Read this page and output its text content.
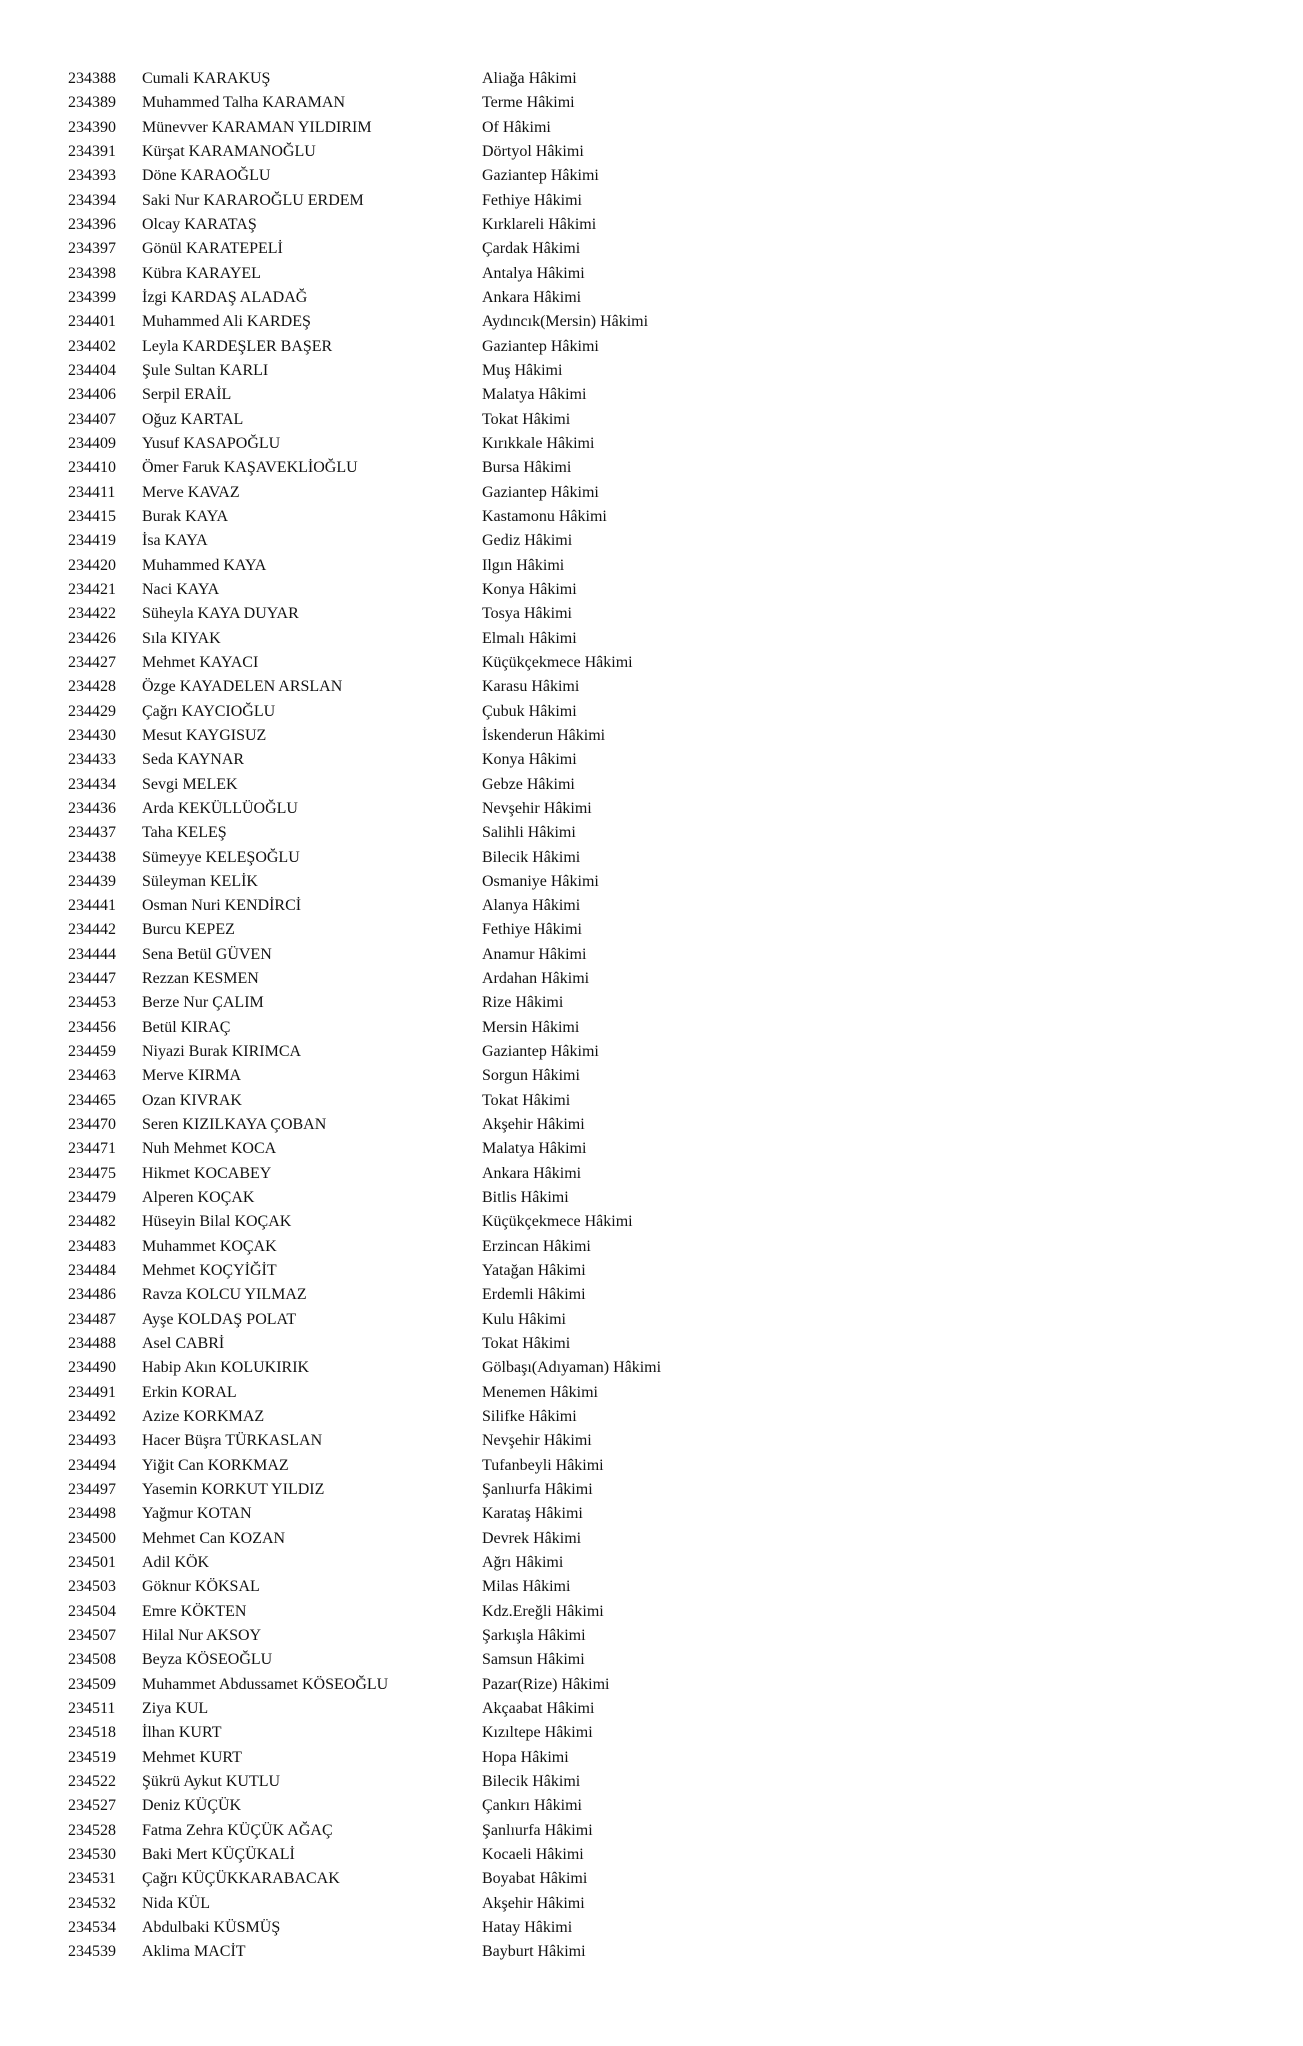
234388 Cumali KARAKUŞ	Aliağa Hâkimi
234389 Muhammed Talha KARAMAN	Terme Hâkimi
234390 Münevver KARAMAN YILDIRIM	Of Hâkimi
234391 Kürşat KARAMANOĞLU	Dörtyol Hâkimi
234393 Döne KARAOĞLU	Gaziantep Hâkimi
234394 Saki Nur KARAROĞLU ERDEM	Fethiye Hâkimi
234396 Olcay KARATAŞ	Kırklareli Hâkimi
234397 Gönül KARATEPELİ	Çardak Hâkimi
234398 Kübra KARAYEL	Antalya Hâkimi
234399 İzgi KARDAŞ ALADAĞ	Ankara Hâkimi
234401 Muhammed Ali KARDEŞ	Aydıncık(Mersin) Hâkimi
234402 Leyla KARDEŞLER BAŞER	Gaziantep Hâkimi
234404 Şule Sultan KARLI	Muş Hâkimi
234406 Serpil ERAİL	Malatya Hâkimi
234407 Oğuz KARTAL	Tokat Hâkimi
234409 Yusuf KASAPOĞLU	Kırıkkale Hâkimi
234410 Ömer Faruk KAŞAVEKLİOĞLU	Bursa Hâkimi
234411 Merve KAVAZ	Gaziantep Hâkimi
234415 Burak KAYA	Kastamonu Hâkimi
234419 İsa KAYA	Gediz Hâkimi
234420 Muhammed KAYA	Ilgın Hâkimi
234421 Naci KAYA	Konya Hâkimi
234422 Süheyla KAYA DUYAR	Tosya Hâkimi
234426 Sıla KIYAK	Elmalı Hâkimi
234427 Mehmet KAYACI	Küçükçekmece Hâkimi
234428 Özge KAYADELEN ARSLAN	Karasu Hâkimi
234429 Çağrı KAYCIOĞLU	Çubuk Hâkimi
234430 Mesut KAYGISUZ	İskenderun Hâkimi
234433 Seda KAYNAR	Konya Hâkimi
234434 Sevgi MELEK	Gebze Hâkimi
234436 Arda KEKÜLLÜOĞLU	Nevşehir Hâkimi
234437 Taha KELEŞ	Salihli Hâkimi
234438 Sümeyye KELEŞOĞLU	Bilecik Hâkimi
234439 Süleyman KELİK	Osmaniye Hâkimi
234441 Osman Nuri KENDİRCİ	Alanya Hâkimi
234442 Burcu KEPEZ	Fethiye Hâkimi
234444 Sena Betül GÜVEN	Anamur Hâkimi
234447 Rezzan KESMEN	Ardahan Hâkimi
234453 Berze Nur ÇALIM	Rize Hâkimi
234456 Betül KIRAÇ	Mersin Hâkimi
234459 Niyazi Burak KIRIMCA	Gaziantep Hâkimi
234463 Merve KIRMA	Sorgun Hâkimi
234465 Ozan KIVRAK	Tokat Hâkimi
234470 Seren KIZILKAYA ÇOBAN	Akşehir Hâkimi
234471 Nuh Mehmet KOCA	Malatya Hâkimi
234475 Hikmet KOCABEY	Ankara Hâkimi
234479 Alperen KOÇAK	Bitlis Hâkimi
234482 Hüseyin Bilal KOÇAK	Küçükçekmece Hâkimi
234483 Muhammet KOÇAK	Erzincan Hâkimi
234484 Mehmet KOÇYİĞİT	Yatağan Hâkimi
234486 Ravza KOLCU YILMAZ	Erdemli Hâkimi
234487 Ayşe KOLDAŞ POLAT	Kulu Hâkimi
234488 Asel CABRİ	Tokat Hâkimi
234490 Habip Akın KOLUKIRIK	Gölbaşı(Adıyaman) Hâkimi
234491 Erkin KORAL	Menemen Hâkimi
234492 Azize KORKMAZ	Silifke Hâkimi
234493 Hacer Büşra TÜRKASLAN	Nevşehir Hâkimi
234494 Yiğit Can KORKMAZ	Tufanbeyli Hâkimi
234497 Yasemin KORKUT YILDIZ	Şanlıurfa Hâkimi
234498 Yağmur KOTAN	Karataş Hâkimi
234500 Mehmet Can KOZAN	Devrek Hâkimi
234501 Adil KÖK	Ağrı Hâkimi
234503 Göknur KÖKSAL	Milas Hâkimi
234504 Emre KÖKTEN	Kdz.Ereğli Hâkimi
234507 Hilal Nur AKSOY	Şarkışla Hâkimi
234508 Beyza KÖSEOĞLU	Samsun Hâkimi
234509 Muhammet Abdussamet KÖSEOĞLU	Pazar(Rize) Hâkimi
234511 Ziya KUL	Akçaabat Hâkimi
234518 İlhan KURT	Kızıltepe Hâkimi
234519 Mehmet KURT	Hopa Hâkimi
234522 Şükrü Aykut KUTLU	Bilecik Hâkimi
234527 Deniz KÜÇÜK	Çankırı Hâkimi
234528 Fatma Zehra KÜÇÜK AĞAÇ	Şanlıurfa Hâkimi
234530 Baki Mert KÜÇÜKALİ	Kocaeli Hâkimi
234531 Çağrı KÜÇÜKKARABACAK	Boyabat Hâkimi
234532 Nida KÜL	Akşehir Hâkimi
234534 Abdulbaki KÜSMÜŞ	Hatay Hâkimi
234539 Aklima MACİT	Bayburt Hâkimi
